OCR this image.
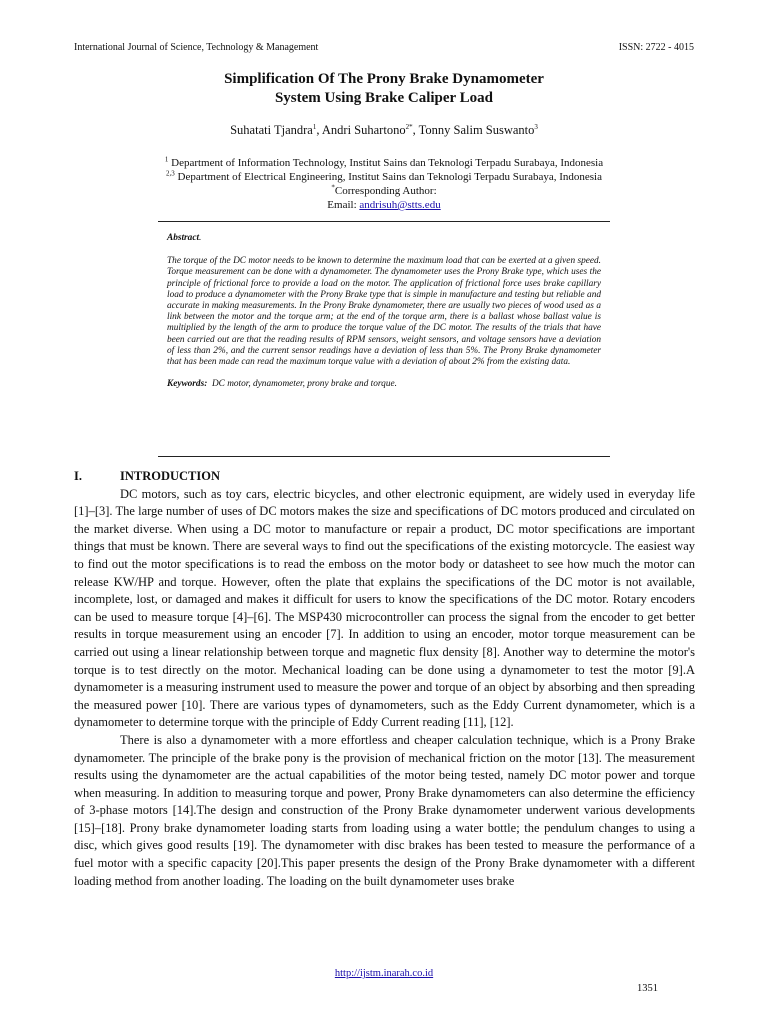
International Journal of Science, Technology & Management	ISSN: 2722 - 4015
Simplification Of The Prony Brake Dynamometer
System Using Brake Caliper Load
Suhatati Tjandra$^1$, Andri Suhartono$^{2*}$, Tonny Salim Suswanto$^3$
$^1$ Department of Information Technology, Institut Sains dan Teknologi Terpadu Surabaya, Indonesia
$^{2,3}$ Department of Electrical Engineering, Institut Sains dan Teknologi Terpadu Surabaya, Indonesia
*Corresponding Author:
Email: andrisuh@stts.edu

Abstract.

The torque of the DC motor needs to be known to determine the maximum load that can be exerted at a given speed. Torque measurement can be done with a dynamometer. The dynamometer uses the Prony Brake type, which uses the principle of frictional force to provide a load on the motor. The application of frictional force uses brake capillary load to produce a dynamometer with the Prony Brake type that is simple in manufacture and testing but reliable and accurate in making measurements. In the Prony Brake dynamometer, there are usually two pieces of wood used as a link between the motor and the torque arm; at the end of the torque arm, there is a ballast whose ballast value is multiplied by the length of the arm to produce the torque value of the DC motor. The results of the trials that have been carried out are that the reading results of RPM sensors, weight sensors, and voltage sensors have a deviation of less than 2%, and the current sensor readings have a deviation of less than 5%. The Prony Brake dynamometer that has been made can read the maximum torque value with a deviation of about 2% from the existing data.

Keywords: DC motor, dynamometer, prony brake and torque.

I.	INTRODUCTION

DC motors, such as toy cars, electric bicycles, and other electronic equipment, are widely used in everyday life [1]–[3]. The large number of uses of DC motors makes the size and specifications of DC motors produced and circulated on the market diverse. When using a DC motor to manufacture or repair a product, DC motor specifications are important things that must be known. There are several ways to find out the specifications of the existing motorcycle. The easiest way to find out the motor specifications is to read the emboss on the motor body or datasheet to see how much the motor can release KW/HP and torque. However, often the plate that explains the specifications of the DC motor is not available, incomplete, lost, or damaged and makes it difficult for users to know the specifications of the DC motor. Rotary encoders can be used to measure torque [4]–[6]. The MSP430 microcontroller can process the signal from the encoder to get better results in torque measurement using an encoder [7]. In addition to using an encoder, motor torque measurement can be carried out using a linear relationship between torque and magnetic flux density [8]. Another way to determine the motor's torque is to test directly on the motor. Mechanical loading can be done using a dynamometer to test the motor [9].A dynamometer is a measuring instrument used to measure the power and torque of an object by absorbing and then spreading the measured power [10]. There are various types of dynamometers, such as the Eddy Current dynamometer, which is a dynamometer to determine torque with the principle of Eddy Current reading [11], [12].

There is also a dynamometer with a more effortless and cheaper calculation technique, which is a Prony Brake dynamometer. The principle of the brake pony is the provision of mechanical friction on the motor [13]. The measurement results using the dynamometer are the actual capabilities of the motor being tested, namely DC motor power and torque when measuring. In addition to measuring torque and power, Prony Brake dynamometers can also determine the efficiency of 3-phase motors [14].The design and construction of the Prony Brake dynamometer underwent various developments [15]–[18]. Prony brake dynamometer loading starts from loading using a water bottle; the pendulum changes to using a disc, which gives good results [19]. The dynamometer with disc brakes has been tested to measure the performance of a fuel motor with a specific capacity [20].This paper presents the design of the Prony Brake dynamometer with a different loading method from another loading. The loading on the built dynamometer uses brake

http://ijstm.inarah.co.id
1351
